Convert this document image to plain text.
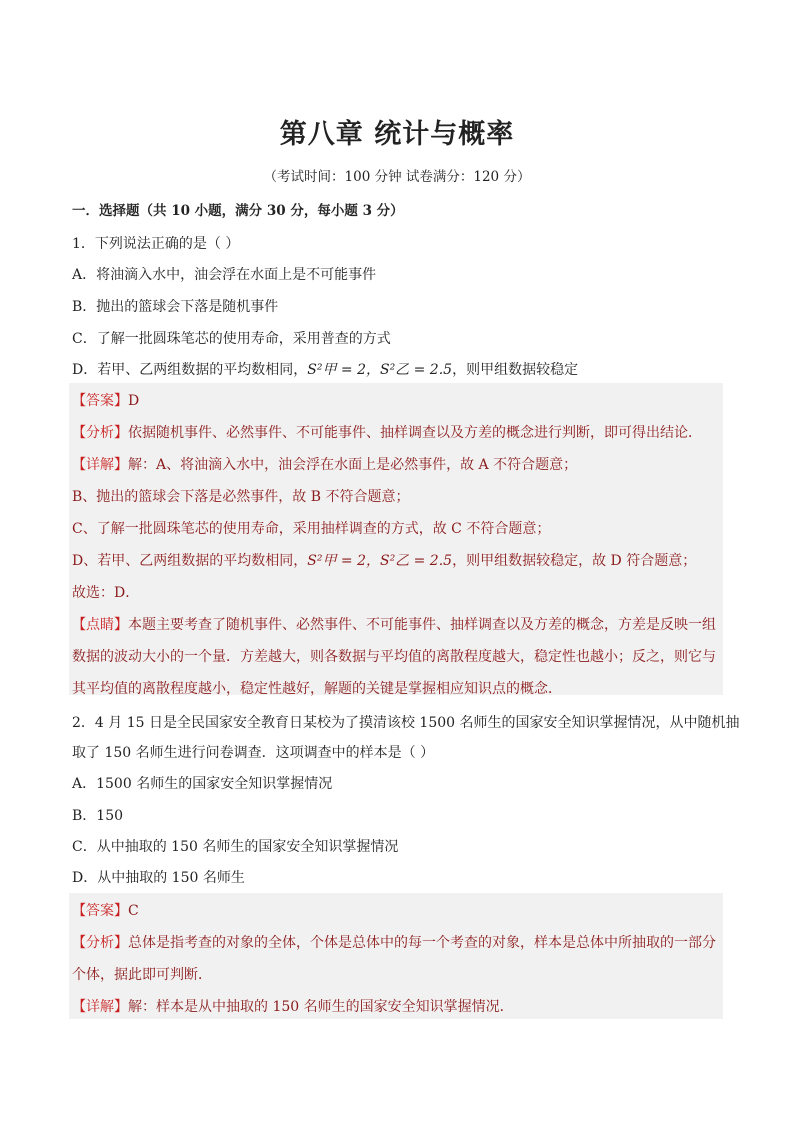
第八章 统计与概率
（考试时间：100 分钟 试卷满分：120 分）
一．选择题（共 10 小题，满分 30 分，每小题 3 分）
1．下列说法正确的是（ ）
A．将油滴入水中，油会浮在水面上是不可能事件
B．抛出的篮球会下落是随机事件
C．了解一批圆珠笔芯的使用寿命，采用普查的方式
D．若甲、乙两组数据的平均数相同，S²甲 = 2，S²乙 = 2.5，则甲组数据较稳定
【答案】D
【分析】依据随机事件、必然事件、不可能事件、抽样调查以及方差的概念进行判断，即可得出结论．
【详解】解：A、将油滴入水中，油会浮在水面上是必然事件，故 A 不符合题意；
B、抛出的篮球会下落是必然事件，故 B 不符合题意；
C、了解一批圆珠笔芯的使用寿命，采用抽样调查的方式，故 C 不符合题意；
D、若甲、乙两组数据的平均数相同，S²甲 = 2，S²乙 = 2.5，则甲组数据较稳定，故 D 符合题意；
故选：D．
【点睛】本题主要考查了随机事件、必然事件、不可能事件、抽样调查以及方差的概念，方差是反映一组
数据的波动大小的一个量．方差越大，则各数据与平均值的离散程度越大，稳定性也越小；反之，则它与
其平均值的离散程度越小，稳定性越好，解题的关键是掌握相应知识点的概念．
2．4 月 15 日是全民国家安全教育日某校为了摸清该校 1500 名师生的国家安全知识掌握情况，从中随机抽
取了 150 名师生进行问卷调查．这项调查中的样本是（ ）
A．1500 名师生的国家安全知识掌握情况
B．150
C．从中抽取的 150 名师生的国家安全知识掌握情况
D．从中抽取的 150 名师生
【答案】C
【分析】总体是指考查的对象的全体，个体是总体中的每一个考查的对象，样本是总体中所抽取的一部分
个体，据此即可判断．
【详解】解：样本是从中抽取的 150 名师生的国家安全知识掌握情况．
